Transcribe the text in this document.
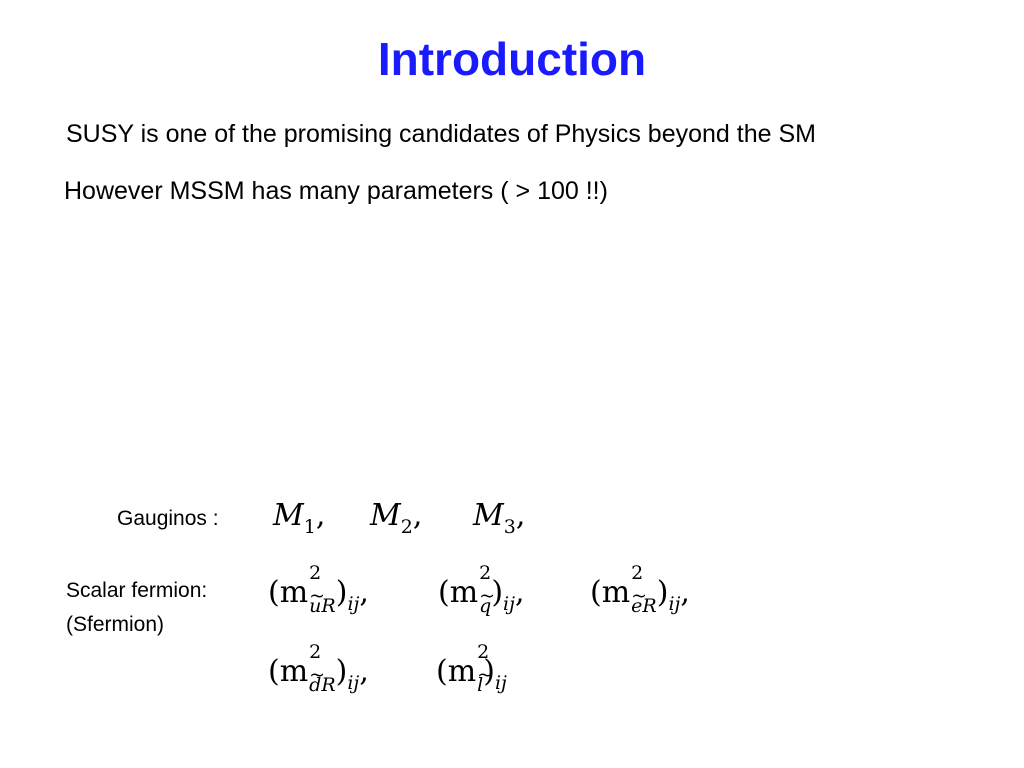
Introduction
SUSY is one of the promising candidates of Physics beyond the SM
However MSSM has many parameters ( > 100 !!)
Gauginos : $M_1$, $M_2$, $M_3$,
Scalar fermion:
(Sfermion)
(m
2
~ $uR)_{ij}$, (m
2
~ $q)_{ij}$, (m
2
~ $eR)_{ij}$,
(m
2
~ $dR)_{ij}$, (m
2
~ $l)_{ij}$
